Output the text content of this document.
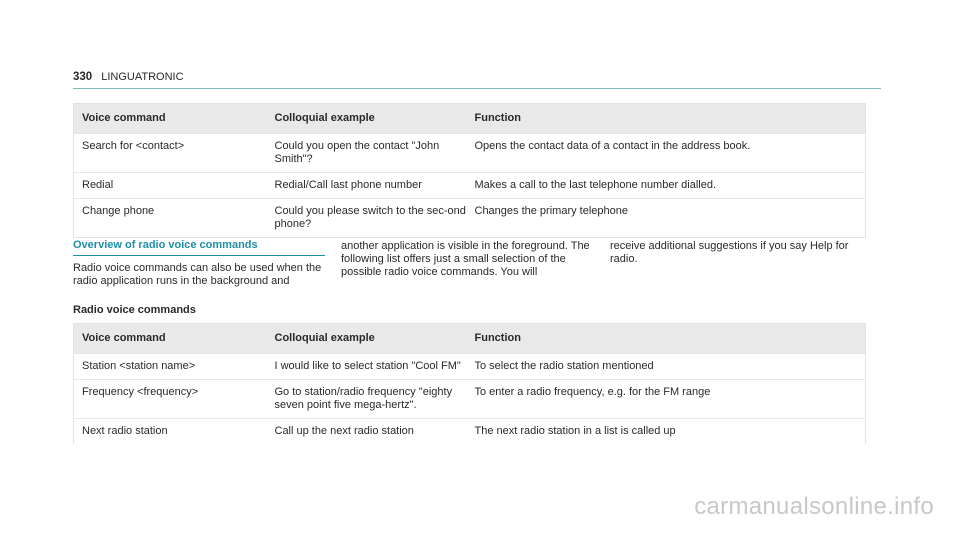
330 LINGUATRONIC
Voice command	Colloquial example	Function
Search for <contact>	Could you open the contact "John Smith"?	Opens the contact data of a contact in the address book.
Redial	Redial/Call last phone number	Makes a call to the last telephone number dialled.
Change phone	Could you please switch to the sec-ond phone?	Changes the primary telephone
Overview of radio voice commands
Radio voice commands can also be used when the radio application runs in the background and
another application is visible in the foreground. The following list offers just a small selection of the possible radio voice commands. You will
receive additional suggestions if you say Help for radio.
Radio voice commands
Voice command	Colloquial example	Function
Station <station name>	I would like to select station "Cool FM"	To select the radio station mentioned
Frequency <frequency>	Go to station/radio frequency "eighty seven point five mega-hertz".	To enter a radio frequency, e.g. for the FM range
Next radio station	Call up the next radio station	The next radio station in a list is called up
carmanualsonline.info
